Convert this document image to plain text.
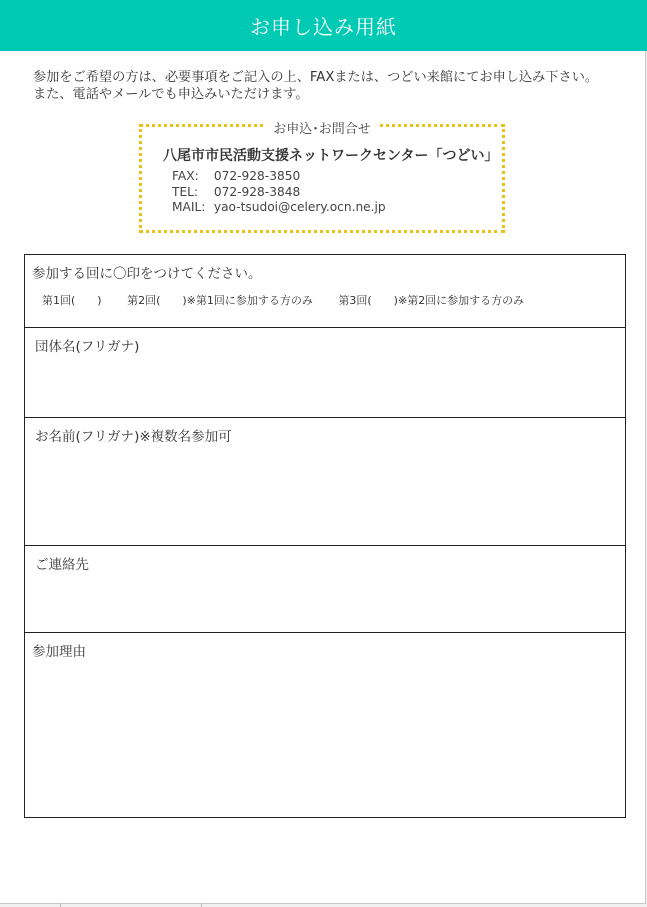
お申し込み用紙
参加をご希望の方は、必要事項をご記入の上、FAXまたは、つどい来館にてお申し込み下さい。
また、電話やメールでも申込みいただけます。
お申込･お問合せ
八尾市市民活動支援ネットワークセンター「つどい」
FAX: 072-928-3850
TEL: 072-928-3848
MAIL: yao-tsudoi@celery.ocn.ne.jp
参加する回に〇印をつけてください。
第1回(　　) 第2回(　　)※第1回に参加する方のみ 第3回(　　)※第2回に参加する方のみ
団体名(フリガナ)
お名前(フリガナ)※複数名参加可
ご連絡先
参加理由
